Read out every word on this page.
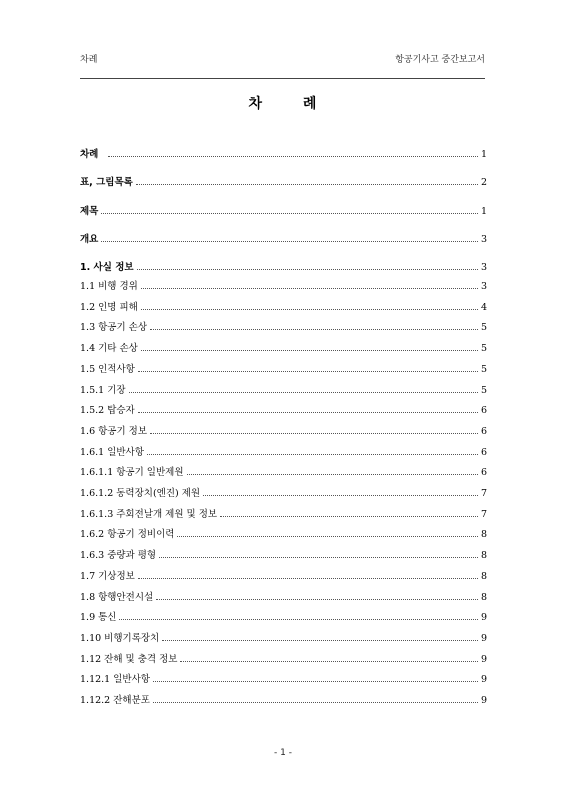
차례	항공기사고 중간보고서
차 례
차례	1
표, 그림목록	2
제목	1
개요	3
1. 사실 정보	3
1.1 비행 경위	3
1.2 인명 피해	4
1.3 항공기 손상	5
1.4 기타 손상	5
1.5 인적사항	5
1.5.1 기장	5
1.5.2 탑승자	6
1.6 항공기 정보	6
1.6.1 일반사항	6
1.6.1.1 항공기 일반제원	6
1.6.1.2 동력장치(엔진) 제원	7
1.6.1.3 주회전날개 제원 및 정보	7
1.6.2 항공기 정비이력	8
1.6.3 중량과 평형	8
1.7 기상정보	8
1.8 항행안전시설	8
1.9 통신	9
1.10 비행기록장치	9
1.12 잔해 및 충격 정보	9
1.12.1 일반사항	9
1.12.2 잔해분포	9
- 1 -
